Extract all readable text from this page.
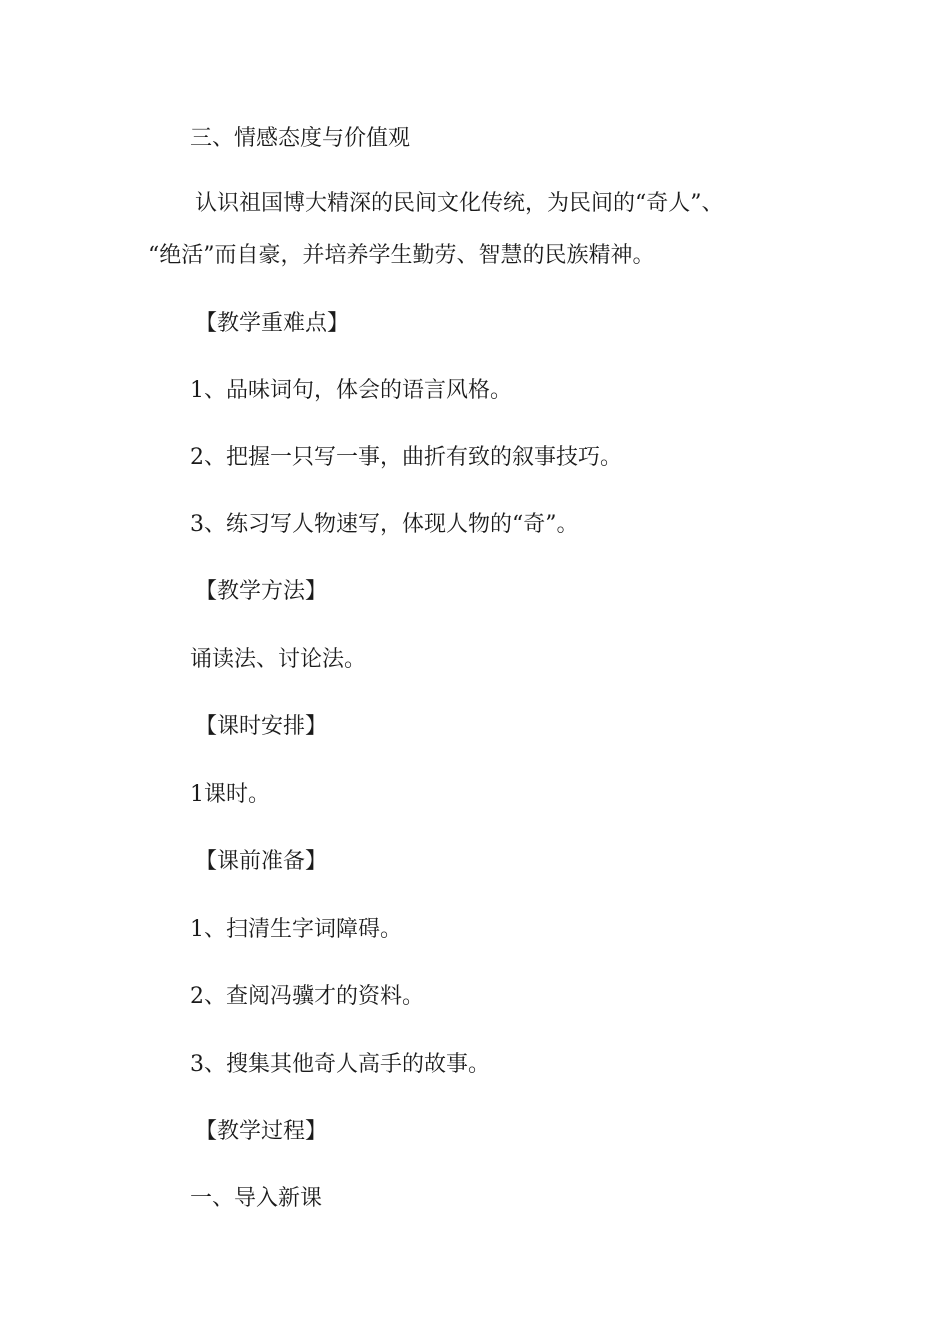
三、情感态度与价值观
认识祖国博大精深的民间文化传统，为民间的“奇人”、
“绝活”而自豪，并培养学生勤劳、智慧的民族精神。
【教学重难点】
1、品味词句，体会的语言风格。
2、把握一只写一事，曲折有致的叙事技巧。
3、练习写人物速写，体现人物的“奇”。
【教学方法】
诵读法、讨论法。
【课时安排】
1课时。
【课前准备】
1、扫清生字词障碍。
2、查阅冯骥才的资料。
3、搜集其他奇人高手的故事。
【教学过程】
一、导入新课
